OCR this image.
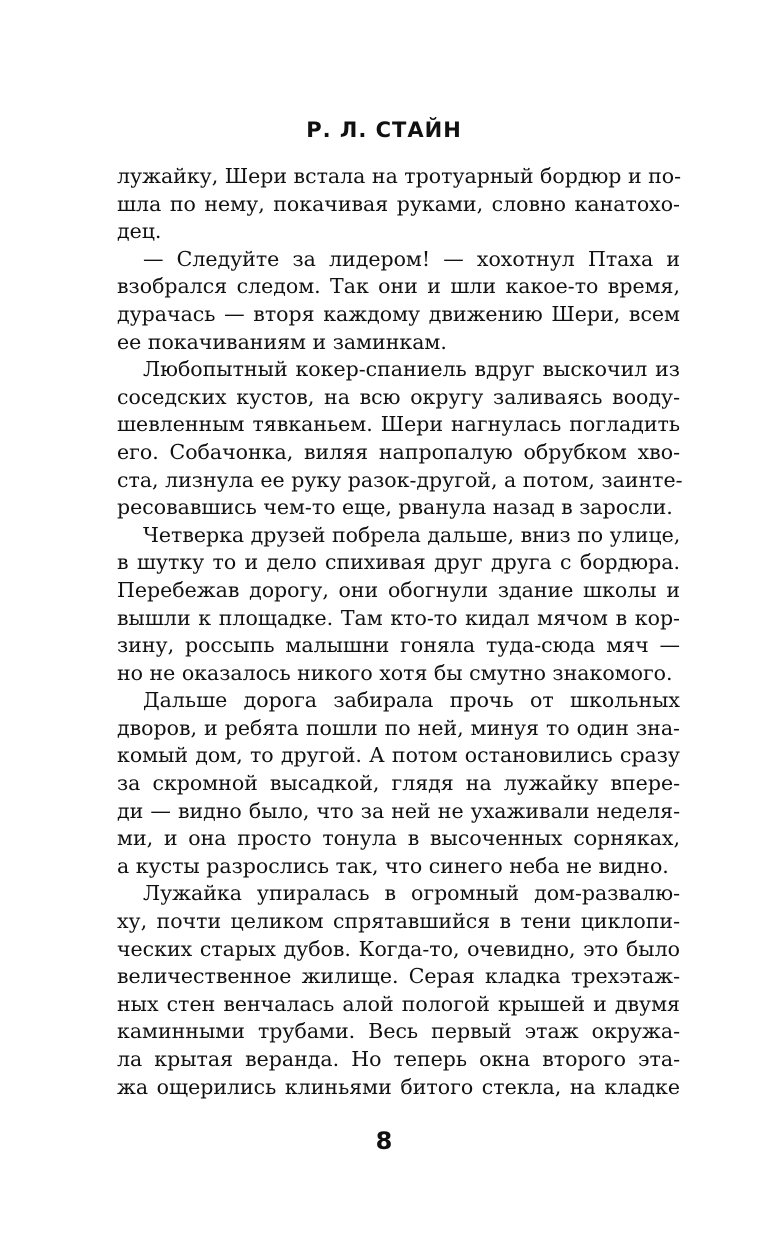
Р. Л. СТАЙН
лужайку, Шери встала на тротуарный бордюр и по-
шла по нему, покачивая руками, словно канатохо-
дец.
— Следуйте за лидером! — хохотнул Птаха и
взобрался следом. Так они и шли какое-то время,
дурачась — вторя каждому движению Шери, всем
ее покачиваниям и заминкам.
Любопытный кокер-спаниель вдруг выскочил из
соседских кустов, на всю округу заливаясь вооду-
шевленным тявканьем. Шери нагнулась погладить
его. Собачонка, виляя напропалую обрубком хво-
ста, лизнула ее руку разок-другой, а потом, заинте-
ресовавшись чем-то еще, рванула назад в заросли.
Четверка друзей побрела дальше, вниз по улице,
в шутку то и дело спихивая друг друга с бордюра.
Перебежав дорогу, они обогнули здание школы и
вышли к площадке. Там кто-то кидал мячом в кор-
зину, россыпь малышни гоняла туда-сюда мяч —
но не оказалось никого хотя бы смутно знакомого.
Дальше дорога забирала прочь от школьных
дворов, и ребята пошли по ней, минуя то один зна-
комый дом, то другой. А потом остановились сразу
за скромной высадкой, глядя на лужайку впере-
ди — видно было, что за ней не ухаживали неделя-
ми, и она просто тонула в высоченных сорняках,
а кусты разрослись так, что синего неба не видно.
Лужайка упиралась в огромный дом-развалю-
ху, почти целиком спрятавшийся в тени циклопи-
ческих старых дубов. Когда-то, очевидно, это было
величественное жилище. Серая кладка трехэтаж-
ных стен венчалась алой пологой крышей и двумя
каминными трубами. Весь первый этаж окружа-
ла крытая веранда. Но теперь окна второго эта-
жа ощерились клиньями битого стекла, на кладке
8
